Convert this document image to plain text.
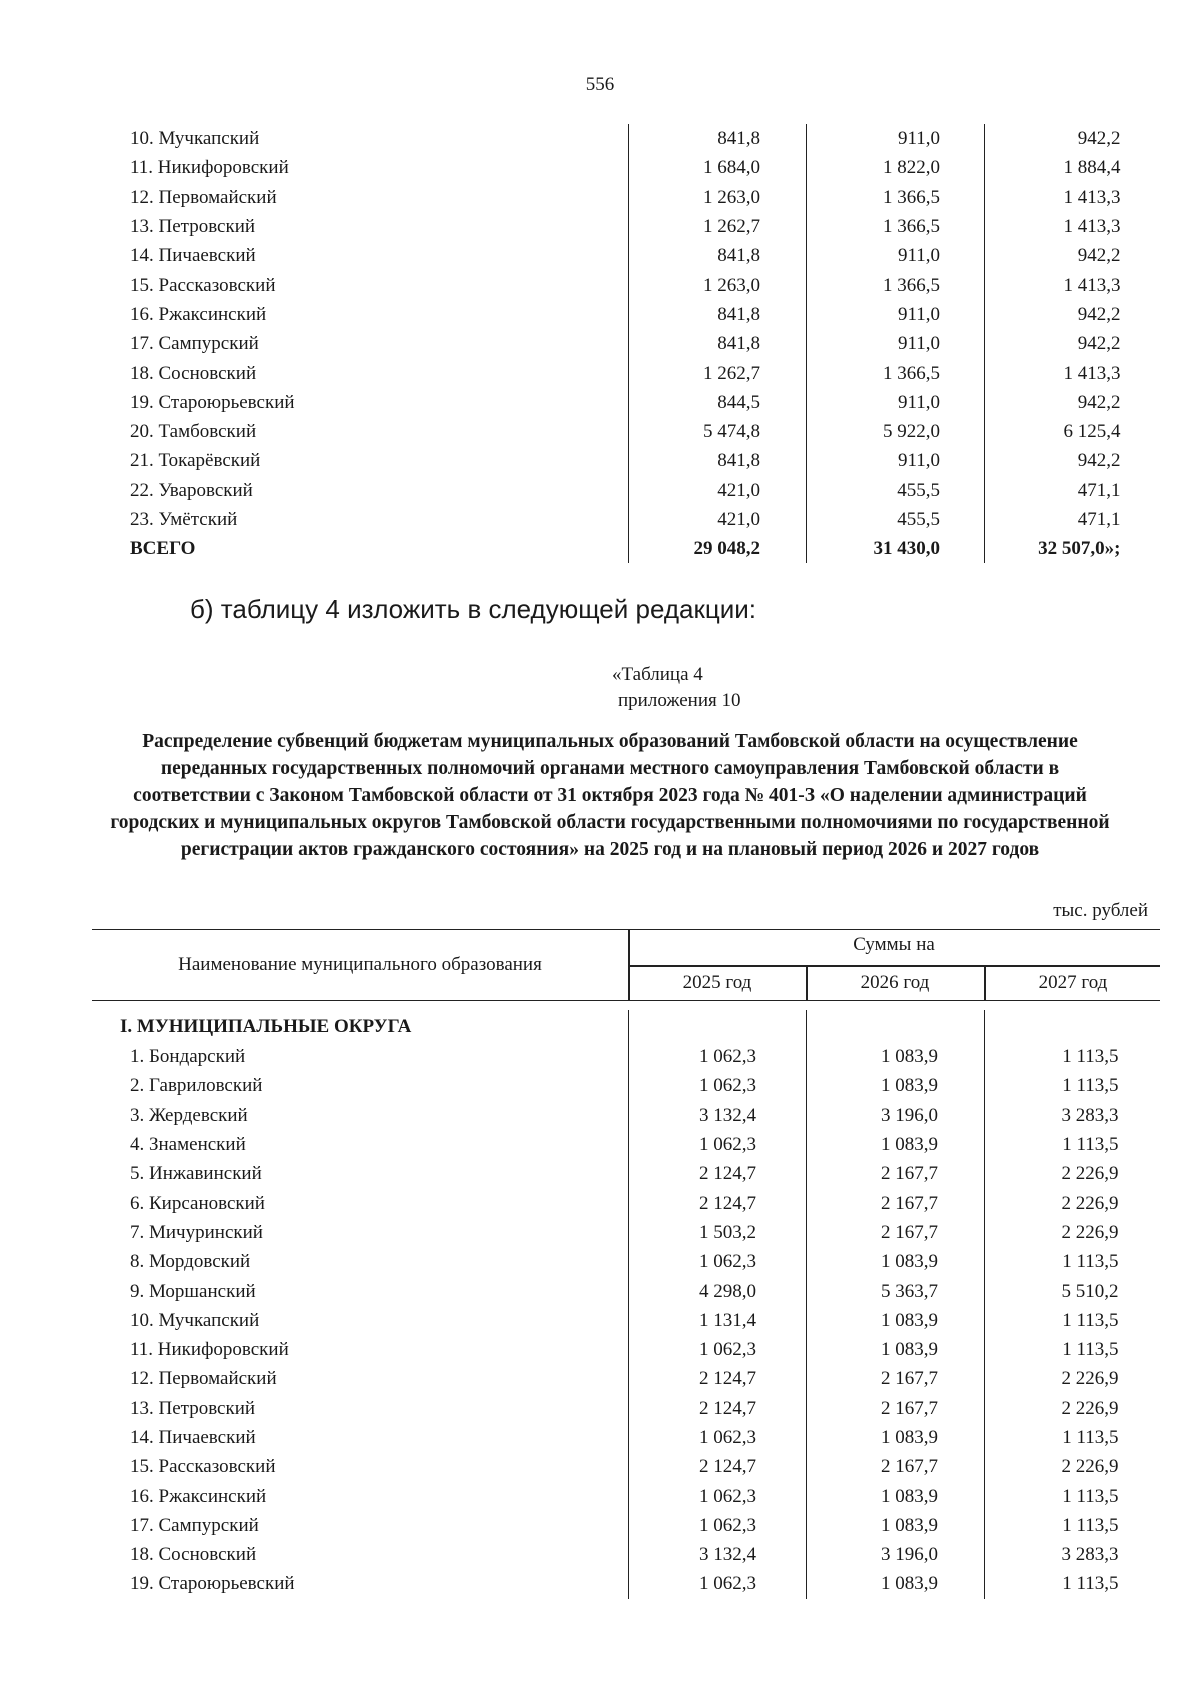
556
10. Мучкапский	841,8	911,0	942,2
11. Никифоровский	1 684,0	1 822,0	1 884,4
12. Первомайский	1 263,0	1 366,5	1 413,3
13. Петровский	1 262,7	1 366,5	1 413,3
14. Пичаевский	841,8	911,0	942,2
15. Рассказовский	1 263,0	1 366,5	1 413,3
16. Ржаксинский	841,8	911,0	942,2
17. Сампурский	841,8	911,0	942,2
18. Сосновский	1 262,7	1 366,5	1 413,3
19. Староюрьевский	844,5	911,0	942,2
20. Тамбовский	5 474,8	5 922,0	6 125,4
21. Токарёвский	841,8	911,0	942,2
22. Уваровский	421,0	455,5	471,1
23. Умётский	421,0	455,5	471,1
ВСЕГО	29 048,2	31 430,0	32 507,0»;
б) таблицу 4 изложить в следующей редакции:
«Таблица 4
приложения 10
Распределение субвенций бюджетам муниципальных образований Тамбовской области на осуществление переданных государственных полномочий органами местного самоуправления Тамбовской области в соответствии с Законом Тамбовской области от 31 октября 2023 года № 401-З «О наделении администраций городских и муниципальных округов Тамбовской области государственными полномочиями по государственной регистрации актов гражданского состояния» на 2025 год и на плановый период 2026 и 2027 годов
тыс. рублей
Наименование муниципального образования
Суммы на
2025 год	2026 год	2027 год
I. МУНИЦИПАЛЬНЫЕ ОКРУГА			
1. Бондарский	1 062,3	1 083,9	1 113,5
2. Гавриловский	1 062,3	1 083,9	1 113,5
3. Жердевский	3 132,4	3 196,0	3 283,3
4. Знаменский	1 062,3	1 083,9	1 113,5
5. Инжавинский	2 124,7	2 167,7	2 226,9
6. Кирсановский	2 124,7	2 167,7	2 226,9
7. Мичуринский	1 503,2	2 167,7	2 226,9
8. Мордовский	1 062,3	1 083,9	1 113,5
9. Моршанский	4 298,0	5 363,7	5 510,2
10. Мучкапский	1 131,4	1 083,9	1 113,5
11. Никифоровский	1 062,3	1 083,9	1 113,5
12. Первомайский	2 124,7	2 167,7	2 226,9
13. Петровский	2 124,7	2 167,7	2 226,9
14. Пичаевский	1 062,3	1 083,9	1 113,5
15. Рассказовский	2 124,7	2 167,7	2 226,9
16. Ржаксинский	1 062,3	1 083,9	1 113,5
17. Сампурский	1 062,3	1 083,9	1 113,5
18. Сосновский	3 132,4	3 196,0	3 283,3
19. Староюрьевский	1 062,3	1 083,9	1 113,5
